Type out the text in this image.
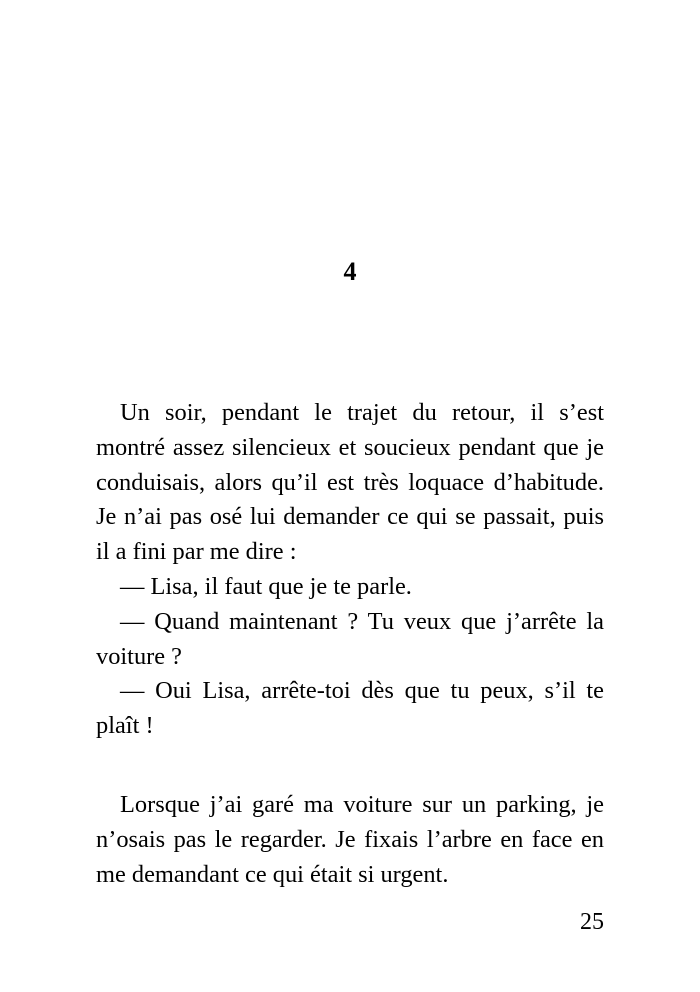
4

Un soir, pendant le trajet du retour, il s’est montré assez silencieux et soucieux pendant que je conduisais, alors qu’il est très loquace d’habitude. Je n’ai pas osé lui demander ce qui se passait, puis il a fini par me dire :

— Lisa, il faut que je te parle.

— Quand maintenant ? Tu veux que j’arrête la voiture ?

— Oui Lisa, arrête-toi dès que tu peux, s’il te plaît !

Lorsque j’ai garé ma voiture sur un parking, je n’osais pas le regarder. Je fixais l’arbre en face en me demandant ce qui était si urgent.

25
